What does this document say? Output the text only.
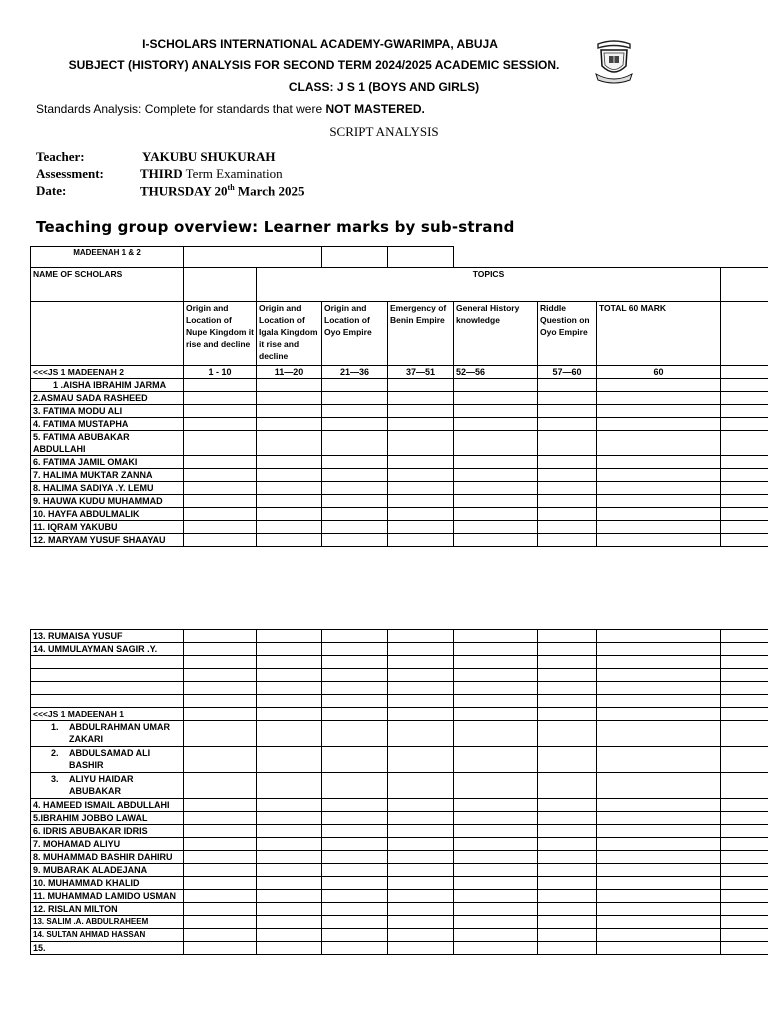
I-SCHOLARS INTERNATIONAL ACADEMY-GWARIMPA, ABUJA
SUBJECT (HISTORY) ANALYSIS FOR SECOND TERM 2024/2025 ACADEMIC SESSION.
CLASS: J S 1 (BOYS AND GIRLS)
Standards Analysis: Complete for standards that were NOT MASTERED.
SCRIPT ANALYSIS
Teacher:	YAKUBU SHUKURAH
Assessment:	THIRD Term Examination
Date:	THURSDAY 20th March 2025
Teaching group overview: Learner marks by sub-strand
MADEENAH 1 & 2								
NAME OF SCHOLARS		TOPICS						
	Origin and Location of Nupe Kingdom it rise and decline	Origin and Location of Igala Kingdom it rise and decline	Origin and Location of Oyo Empire	Emergency of Benin Empire	General History knowledge	Riddle Question on Oyo Empire	TOTAL 60 MARK	
<<<JS 1 MADEENAH 2	1 - 10	11—20	21—36	37—51	52—56	57—60	60	
1 .AISHA IBRAHIM JARMA								
2.ASMAU SADA RASHEED								
3. FATIMA MODU ALI								
4. FATIMA MUSTAPHA								
5. FATIMA ABUBAKAR ABDULLAHI								
6. FATIMA JAMIL OMAKI								
7. HALIMA MUKTAR ZANNA								
8. HALIMA SADIYA .Y. LEMU								
9. HAUWA KUDU MUHAMMAD								
10. HAYFA ABDULMALIK								
11. IQRAM YAKUBU								
12. MARYAM YUSUF SHAAYAU								
13. RUMAISA YUSUF								
14. UMMULAYMAN SAGIR .Y.								

<<<JS 1 MADEENAH 1								

1. ABDULRAHMAN UMAR ZAKARI								

2. ABDULSAMAD ALI BASHIR								

3. ALIYU HAIDAR ABUBAKAR								

4. HAMEED ISMAIL ABDULLAHI								
5.IBRAHIM JOBBO LAWAL								
6. IDRIS ABUBAKAR IDRIS								
7. MOHAMAD ALIYU								
8. MUHAMMAD BASHIR DAHIRU								
9. MUBARAK ALADEJANA								
10. MUHAMMAD KHALID								
11. MUHAMMAD LAMIDO USMAN								
12. RISLAN MILTON								
13. SALIM .A. ABDULRAHEEM								
14. SULTAN AHMAD HASSAN								
15.								
